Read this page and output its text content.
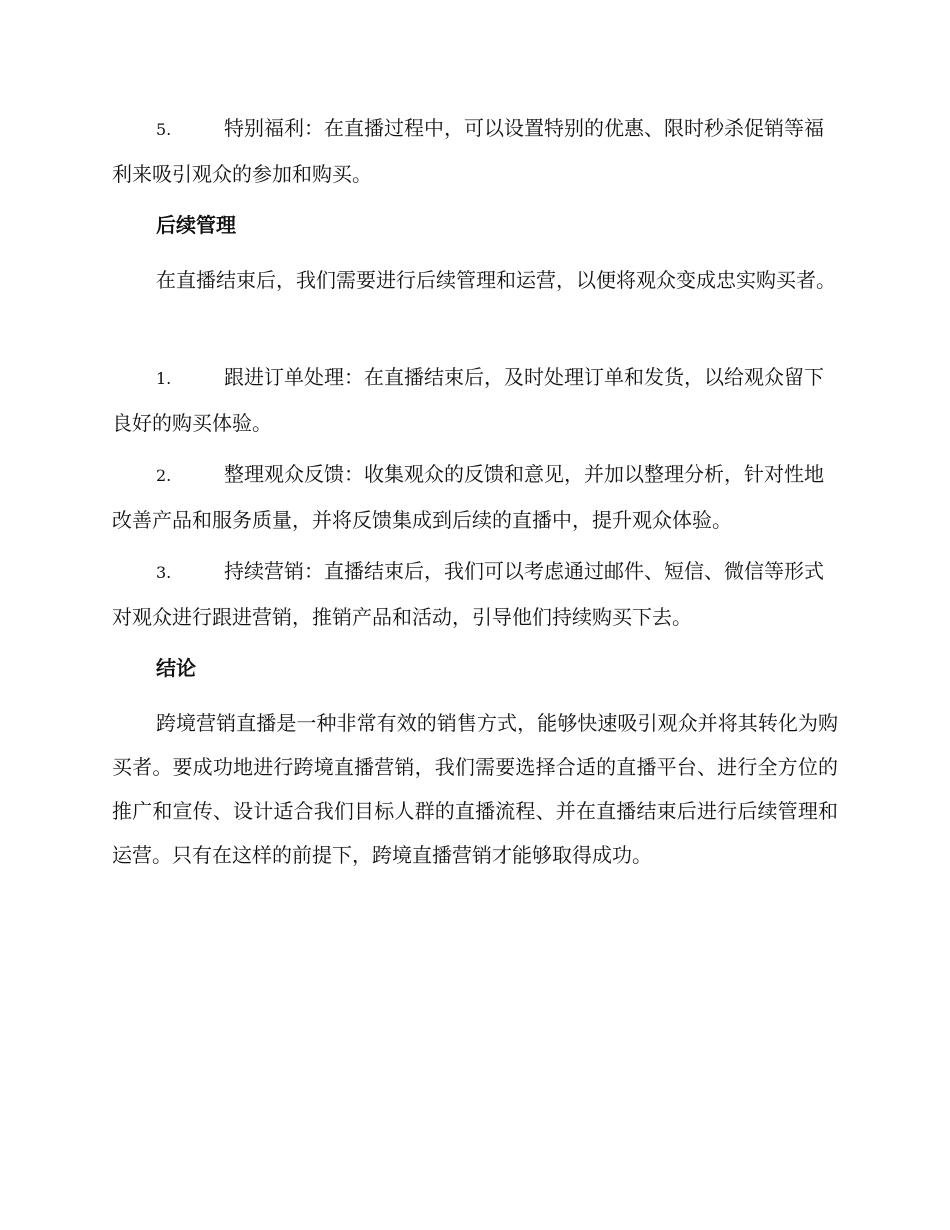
5.	特别福利：在直播过程中，可以设置特别的优惠、限时秒杀促销等福利来吸引观众的参加和购买。

后续管理

在直播结束后，我们需要进行后续管理和运营，以便将观众变成忠实购买者。

1.	跟进订单处理：在直播结束后，及时处理订单和发货，以给观众留下良好的购买体验。

2.	整理观众反馈：收集观众的反馈和意见，并加以整理分析，针对性地改善产品和服务质量，并将反馈集成到后续的直播中，提升观众体验。

3.	持续营销：直播结束后，我们可以考虑通过邮件、短信、微信等形式对观众进行跟进营销，推销产品和活动，引导他们持续购买下去。

结论

跨境营销直播是一种非常有效的销售方式，能够快速吸引观众并将其转化为购买者。要成功地进行跨境直播营销，我们需要选择合适的直播平台、进行全方位的推广和宣传、设计适合我们目标人群的直播流程、并在直播结束后进行后续管理和运营。只有在这样的前提下，跨境直播营销才能够取得成功。
